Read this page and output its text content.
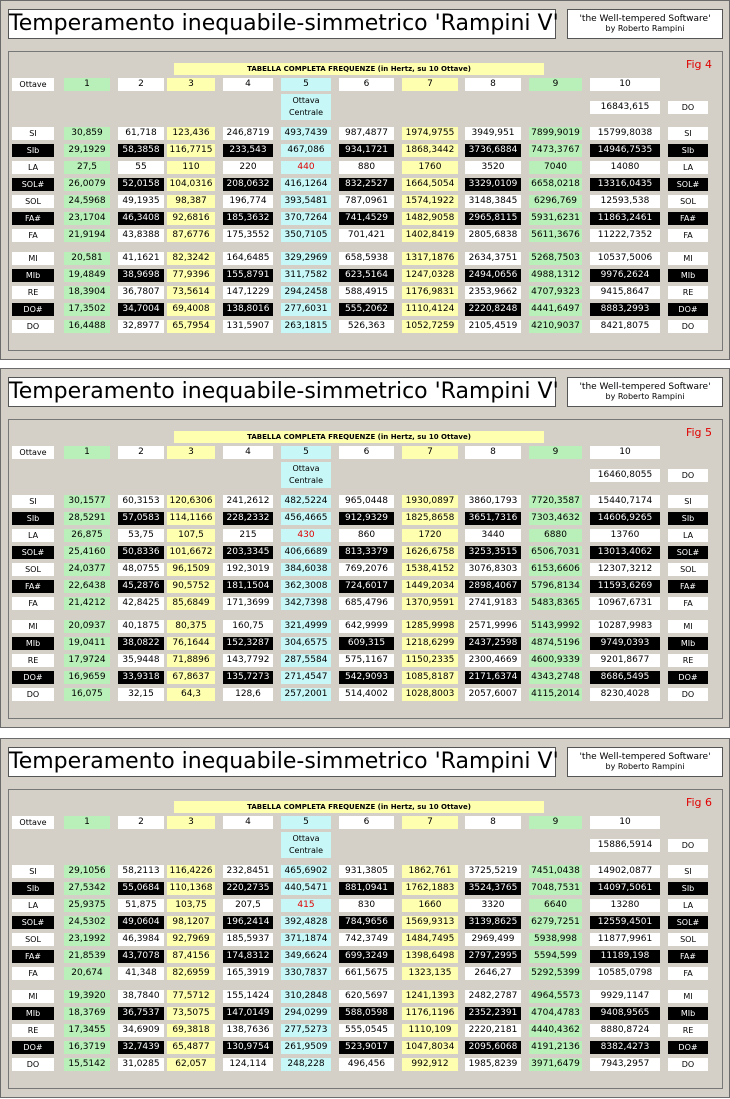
Temperamento inequabile-simmetrico 'Rampini V'	'the Well-tempered Software'
by Roberto Rampini
Fig 4
TABELLA COMPLETA FREQUENZE (in Hertz, su 10 Ottave)
Ottave	1	2	3	4	5	6	7	8	9	10
Ottava
Centrale
16843,615	DO
SI	30,859	61,718	123,436	246,8719	493,7439	987,4877	1974,9755	3949,951	7899,9019	15799,8038	SI
SIb	29,1929	58,3858	116,7715	233,543	467,086	934,1721	1868,3442	3736,6884	7473,3767	14946,7535	SIb
LA	27,5	55	110	220	440	880	1760	3520	7040	14080	LA
SOL#	26,0079	52,0158	104,0316	208,0632	416,1264	832,2527	1664,5054	3329,0109	6658,0218	13316,0435	SOL#
SOL	24,5968	49,1935	98,387	196,774	393,5481	787,0961	1574,1922	3148,3845	6296,769	12593,538	SOL
FA#	23,1704	46,3408	92,6816	185,3632	370,7264	741,4529	1482,9058	2965,8115	5931,6231	11863,2461	FA#
FA	21,9194	43,8388	87,6776	175,3552	350,7105	701,421	1402,8419	2805,6838	5611,3676	11222,7352	FA
MI	20,581	41,1621	82,3242	164,6485	329,2969	658,5938	1317,1876	2634,3751	5268,7503	10537,5006	MI
MIb	19,4849	38,9698	77,9396	155,8791	311,7582	623,5164	1247,0328	2494,0656	4988,1312	9976,2624	MIb
RE	18,3904	36,7807	73,5614	147,1229	294,2458	588,4915	1176,9831	2353,9662	4707,9323	9415,8647	RE
DO#	17,3502	34,7004	69,4008	138,8016	277,6031	555,2062	1110,4124	2220,8248	4441,6497	8883,2993	DO#
DO	16,4488	32,8977	65,7954	131,5907	263,1815	526,363	1052,7259	2105,4519	4210,9037	8421,8075	DO
Temperamento inequabile-simmetrico 'Rampini V'	'the Well-tempered Software'
by Roberto Rampini
Fig 5
TABELLA COMPLETA FREQUENZE (in Hertz, su 10 Ottave)
Ottave	1	2	3	4	5	6	7	8	9	10
Ottava
Centrale
16460,8055	DO
SI	30,1577	60,3153	120,6306	241,2612	482,5224	965,0448	1930,0897	3860,1793	7720,3587	15440,7174	SI
SIb	28,5291	57,0583	114,1166	228,2332	456,4665	912,9329	1825,8658	3651,7316	7303,4632	14606,9265	SIb
LA	26,875	53,75	107,5	215	430	860	1720	3440	6880	13760	LA
SOL#	25,4160	50,8336	101,6672	203,3345	406,6689	813,3379	1626,6758	3253,3515	6506,7031	13013,4062	SOL#
SOL	24,0377	48,0755	96,1509	192,3019	384,6038	769,2076	1538,4152	3076,8303	6153,6606	12307,3212	SOL
FA#	22,6438	45,2876	90,5752	181,1504	362,3008	724,6017	1449,2034	2898,4067	5796,8134	11593,6269	FA#
FA	21,4212	42,8425	85,6849	171,3699	342,7398	685,4796	1370,9591	2741,9183	5483,8365	10967,6731	FA
MI	20,0937	40,1875	80,375	160,75	321,4999	642,9999	1285,9998	2571,9996	5143,9992	10287,9983	MI
MIb	19,0411	38,0822	76,1644	152,3287	304,6575	609,315	1218,6299	2437,2598	4874,5196	9749,0393	MIb
RE	17,9724	35,9448	71,8896	143,7792	287,5584	575,1167	1150,2335	2300,4669	4600,9339	9201,8677	RE
DO#	16,9659	33,9318	67,8637	135,7273	271,4547	542,9093	1085,8187	2171,6374	4343,2748	8686,5495	DO#
DO	16,075	32,15	64,3	128,6	257,2001	514,4002	1028,8003	2057,6007	4115,2014	8230,4028	DO
Temperamento inequabile-simmetrico 'Rampini V'	'the Well-tempered Software'
by Roberto Rampini
Fig 6
TABELLA COMPLETA FREQUENZE (in Hertz, su 10 Ottave)
Ottave	1	2	3	4	5	6	7	8	9	10
Ottava
Centrale
15886,5914	DO
SI	29,1056	58,2113	116,4226	232,8451	465,6902	931,3805	1862,761	3725,5219	7451,0438	14902,0877	SI
SIb	27,5342	55,0684	110,1368	220,2735	440,5471	881,0941	1762,1883	3524,3765	7048,7531	14097,5061	SIb
LA	25,9375	51,875	103,75	207,5	415	830	1660	3320	6640	13280	LA
SOL#	24,5302	49,0604	98,1207	196,2414	392,4828	784,9656	1569,9313	3139,8625	6279,7251	12559,4501	SOL#
SOL	23,1992	46,3984	92,7969	185,5937	371,1874	742,3749	1484,7495	2969,499	5938,998	11877,9961	SOL
FA#	21,8539	43,7078	87,4156	174,8312	349,6624	699,3249	1398,6498	2797,2995	5594,599	11189,198	FA#
FA	20,674	41,348	82,6959	165,3919	330,7837	661,5675	1323,135	2646,27	5292,5399	10585,0798	FA
MI	19,3920	38,7840	77,5712	155,1424	310,2848	620,5697	1241,1393	2482,2787	4964,5573	9929,1147	MI
MIb	18,3769	36,7537	73,5075	147,0149	294,0299	588,0598	1176,1196	2352,2391	4704,4783	9408,9565	MIb
RE	17,3455	34,6909	69,3818	138,7636	277,5273	555,0545	1110,109	2220,2181	4440,4362	8880,8724	RE
DO#	16,3719	32,7439	65,4877	130,9754	261,9509	523,9017	1047,8034	2095,6068	4191,2136	8382,4273	DO#
DO	15,5142	31,0285	62,057	124,114	248,228	496,456	992,912	1985,8239	3971,6479	7943,2957	DO
